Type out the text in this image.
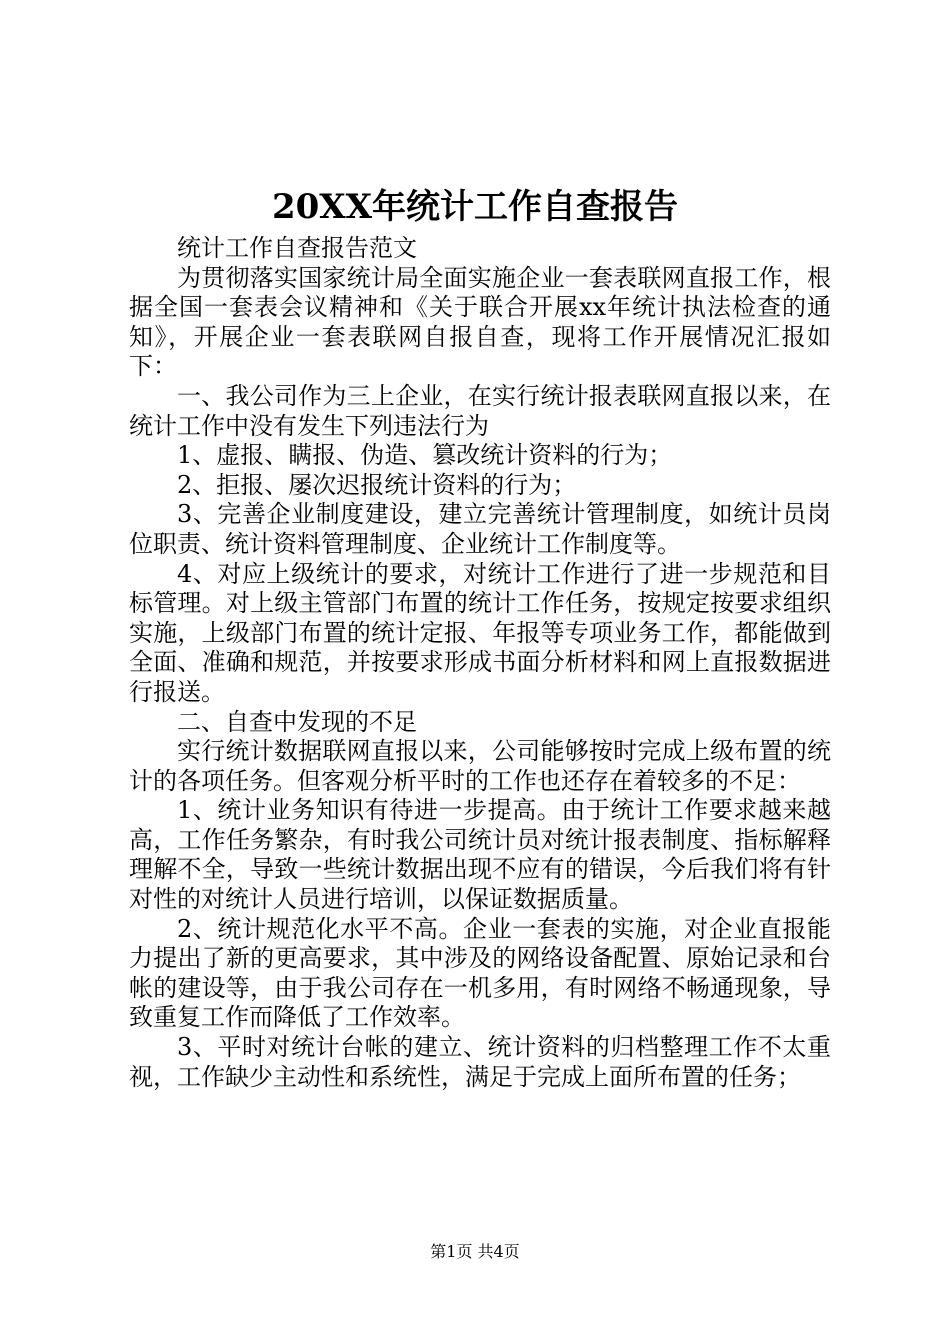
20XX年统计工作自查报告

统计工作自查报告范文

为贯彻落实国家统计局全面实施企业一套表联网直报工作，根据全国一套表会议精神和《关于联合开展xx年统计执法检查的通知》，开展企业一套表联网自报自查，现将工作开展情况汇报如下：

一、我公司作为三上企业，在实行统计报表联网直报以来，在统计工作中没有发生下列违法行为

1、虚报、瞒报、伪造、篡改统计资料的行为；

2、拒报、屡次迟报统计资料的行为；

3、完善企业制度建设，建立完善统计管理制度，如统计员岗位职责、统计资料管理制度、企业统计工作制度等。

4、对应上级统计的要求，对统计工作进行了进一步规范和目标管理。对上级主管部门布置的统计工作任务，按规定按要求组织实施，上级部门布置的统计定报、年报等专项业务工作，都能做到全面、准确和规范，并按要求形成书面分析材料和网上直报数据进行报送。

二、自查中发现的不足

实行统计数据联网直报以来，公司能够按时完成上级布置的统计的各项任务。但客观分析平时的工作也还存在着较多的不足：

1、统计业务知识有待进一步提高。由于统计工作要求越来越高，工作任务繁杂，有时我公司统计员对统计报表制度、指标解释理解不全，导致一些统计数据出现不应有的错误，今后我们将有针对性的对统计人员进行培训，以保证数据质量。

2、统计规范化水平不高。企业一套表的实施，对企业直报能力提出了新的更高要求，其中涉及的网络设备配置、原始记录和台帐的建设等，由于我公司存在一机多用，有时网络不畅通现象，导致重复工作而降低了工作效率。

3、平时对统计台帐的建立、统计资料的归档整理工作不太重视，工作缺少主动性和系统性，满足于完成上面所布置的任务；

第1页 共4页
